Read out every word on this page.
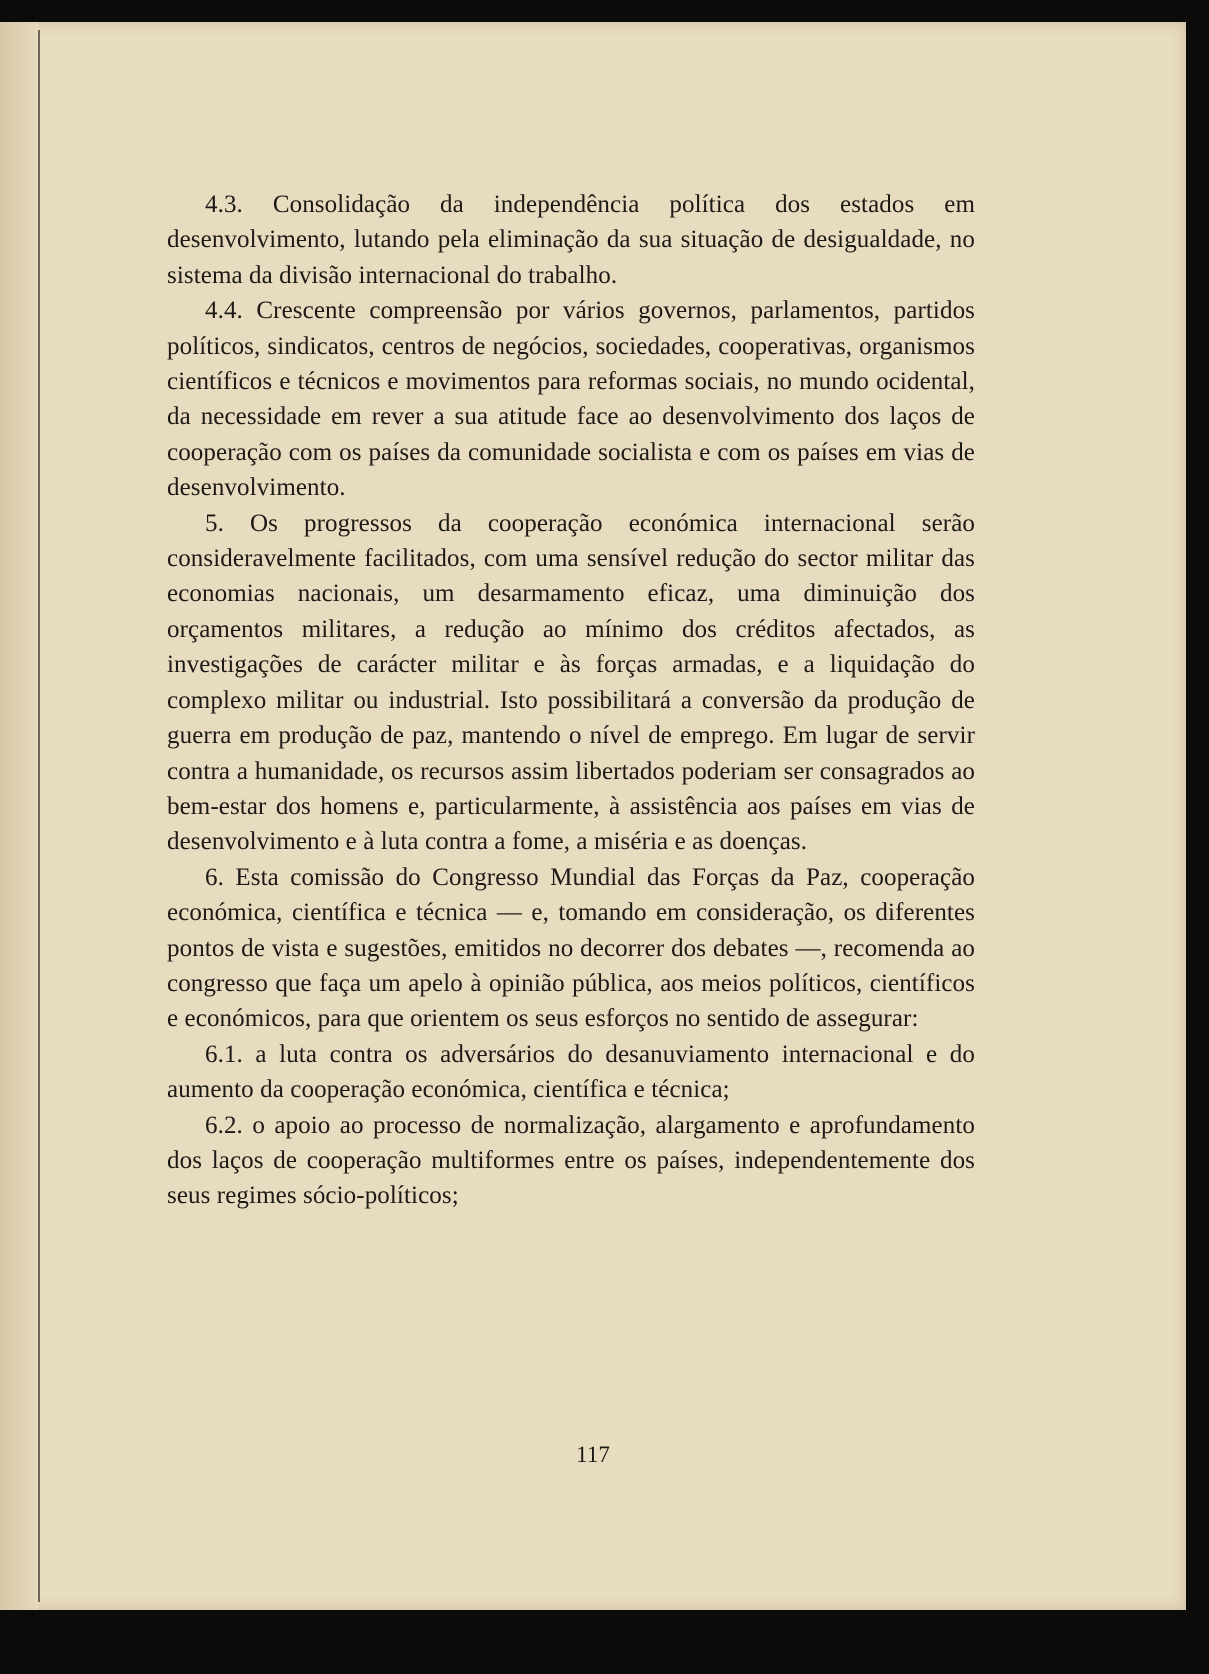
4.3. Consolidação da independência política dos estados em desenvolvimento, lutando pela eliminação da sua situação de desigualdade, no sistema da divisão internacional do trabalho.

4.4. Crescente compreensão por vários governos, parlamentos, partidos políticos, sindicatos, centros de negócios, sociedades, cooperativas, organismos científicos e técnicos e movimentos para reformas sociais, no mundo ocidental, da necessidade em rever a sua atitude face ao desenvolvimento dos laços de cooperação com os países da comunidade socialista e com os países em vias de desenvolvimento.

5. Os progressos da cooperação económica internacional serão consideravelmente facilitados, com uma sensível redução do sector militar das economias nacionais, um desarmamento eficaz, uma diminuição dos orçamentos militares, a redução ao mínimo dos créditos afectados, as investigações de carácter militar e às forças armadas, e a liquidação do complexo militar ou industrial. Isto possibilitará a conversão da produção de guerra em produção de paz, mantendo o nível de emprego. Em lugar de servir contra a humanidade, os recursos assim libertados poderiam ser consagrados ao bem-estar dos homens e, particularmente, à assistência aos países em vias de desenvolvimento e à luta contra a fome, a miséria e as doenças.

6. Esta comissão do Congresso Mundial das Forças da Paz, cooperação económica, científica e técnica — e, tomando em consideração, os diferentes pontos de vista e sugestões, emitidos no decorrer dos debates —, recomenda ao congresso que faça um apelo à opinião pública, aos meios políticos, científicos e económicos, para que orientem os seus esforços no sentido de assegurar:

6.1. a luta contra os adversários do desanuviamento internacional e do aumento da cooperação económica, científica e técnica;

6.2. o apoio ao processo de normalização, alargamento e aprofundamento dos laços de cooperação multiformes entre os países, independentemente dos seus regimes sócio-políticos;

117
